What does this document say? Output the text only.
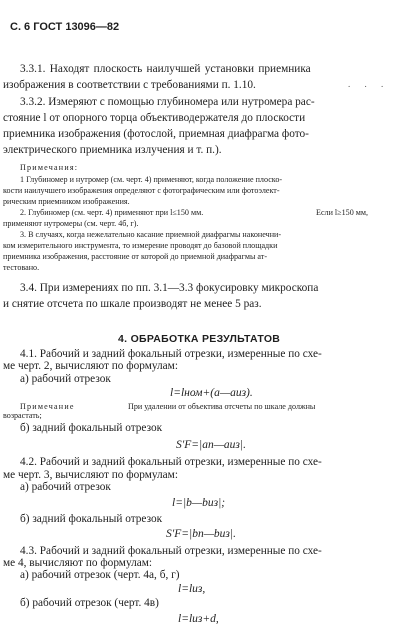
С. 6 ГОСТ 13096—82
3.3.1. Находят плоскость наилучшей установки приемника
изображения в соответствии с требованиями п. 1.10.	. . .
3.3.2. Измеряют с помощью глубиномера или нутромера рас-
стояние l от опорного торца объективодержателя до плоскости
приемника изображения (фотослой, приемная диафрагма фото-
электрического приемника излучения и т. п.).
Примечания:
1 Глубиномер и нутромер (см. черт. 4) применяют, когда положение плоско-
кости наилучшего изображения определяют с фотографическим или фотоэлект-
рическим приемником изображения.
2. Глубиномер (см. черт. 4) применяют при l≤150 мм.	Если l≥150 мм,
применяют нутромеры (см. черт. 4б, г).
3. В случаях, когда нежелательно касание приемной диафрагмы наконечни-
ком измерительного инструмента, то измерение проводят до базовой площадки
приемника изображения, расстояние от которой до приемной диафрагмы ат-
тестовано.
3.4. При измерениях по пп. 3.1—3.3 фокусировку микроскопа
и снятие отсчета по шкале производят не менее 5 раз.
4. ОБРАБОТКА РЕЗУЛЬТАТОВ
4.1. Рабочий и задний фокальный отрезки, измеренные по схе-
ме черт. 2, вычисляют по формулам:
а) рабочий отрезок
l=lном+(a—aиз).
Примечание	При удалении от объектива отсчеты по шкале должны
возрастать;
б) задний фокальный отрезок
S′F=|aп—aиз|.
4.2. Рабочий и задний фокальный отрезки, измеренные по схе-
ме черт. 3, вычисляют по формулам:
а) рабочий отрезок
l=|b—bиз|;
б) задний фокальный отрезок
S′F=|bп—bиз|.
4.3. Рабочий и задний фокальный отрезки, измеренные по схе-
ме 4, вычисляют по формулам:
а) рабочий отрезок (черт. 4а, б, г)
l=lиз,
б) рабочий отрезок (черт. 4в)
l=lиз+d,
